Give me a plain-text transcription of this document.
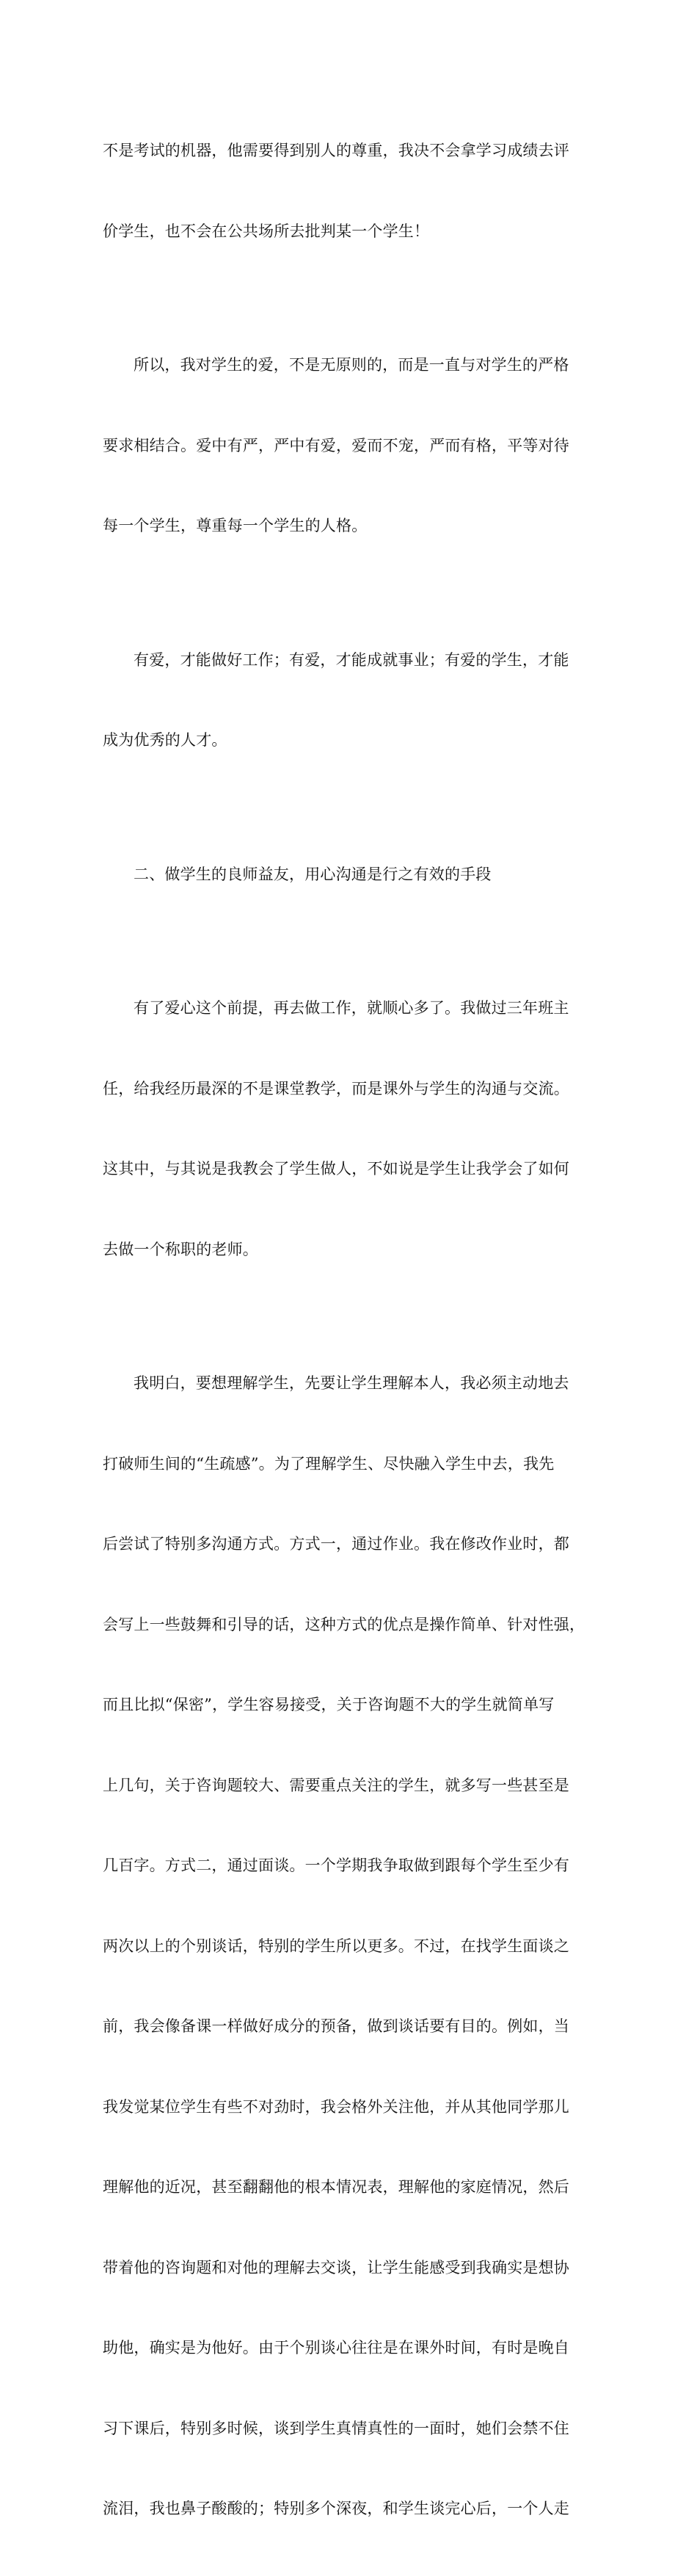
不是考试的机器，他需要得到别人的尊重，我决不会拿学习成绩去评

价学生，也不会在公共场所去批判某一个学生！

所以，我对学生的爱，不是无原则的，而是一直与对学生的严格

要求相结合。爱中有严，严中有爱，爱而不宠，严而有格，平等对待

每一个学生，尊重每一个学生的人格。

有爱，才能做好工作；有爱，才能成就事业；有爱的学生，才能

成为优秀的人才。

二、做学生的良师益友，用心沟通是行之有效的手段

有了爱心这个前提，再去做工作，就顺心多了。我做过三年班主

任，给我经历最深的不是课堂教学，而是课外与学生的沟通与交流。

这其中，与其说是我教会了学生做人，不如说是学生让我学会了如何

去做一个称职的老师。

我明白，要想理解学生，先要让学生理解本人，我必须主动地去

打破师生间的“生疏感”。为了理解学生、尽快融入学生中去，我先

后尝试了特别多沟通方式。方式一，通过作业。我在修改作业时，都

会写上一些鼓舞和引导的话，这种方式的优点是操作简单、针对性强，

而且比拟“保密”，学生容易接受，关于咨询题不大的学生就简单写

上几句，关于咨询题较大、需要重点关注的学生，就多写一些甚至是

几百字。方式二，通过面谈。一个学期我争取做到跟每个学生至少有

两次以上的个别谈话，特别的学生所以更多。不过，在找学生面谈之

前，我会像备课一样做好成分的预备，做到谈话要有目的。例如，当

我发觉某位学生有些不对劲时，我会格外关注他，并从其他同学那儿

理解他的近况，甚至翻翻他的根本情况表，理解他的家庭情况，然后

带着他的咨询题和对他的理解去交谈，让学生能感受到我确实是想协

助他，确实是为他好。由于个别谈心往往是在课外时间，有时是晚自

习下课后，特别多时候，谈到学生真情真性的一面时，她们会禁不住

流泪，我也鼻子酸酸的；特别多个深夜，和学生谈完心后，一个人走
